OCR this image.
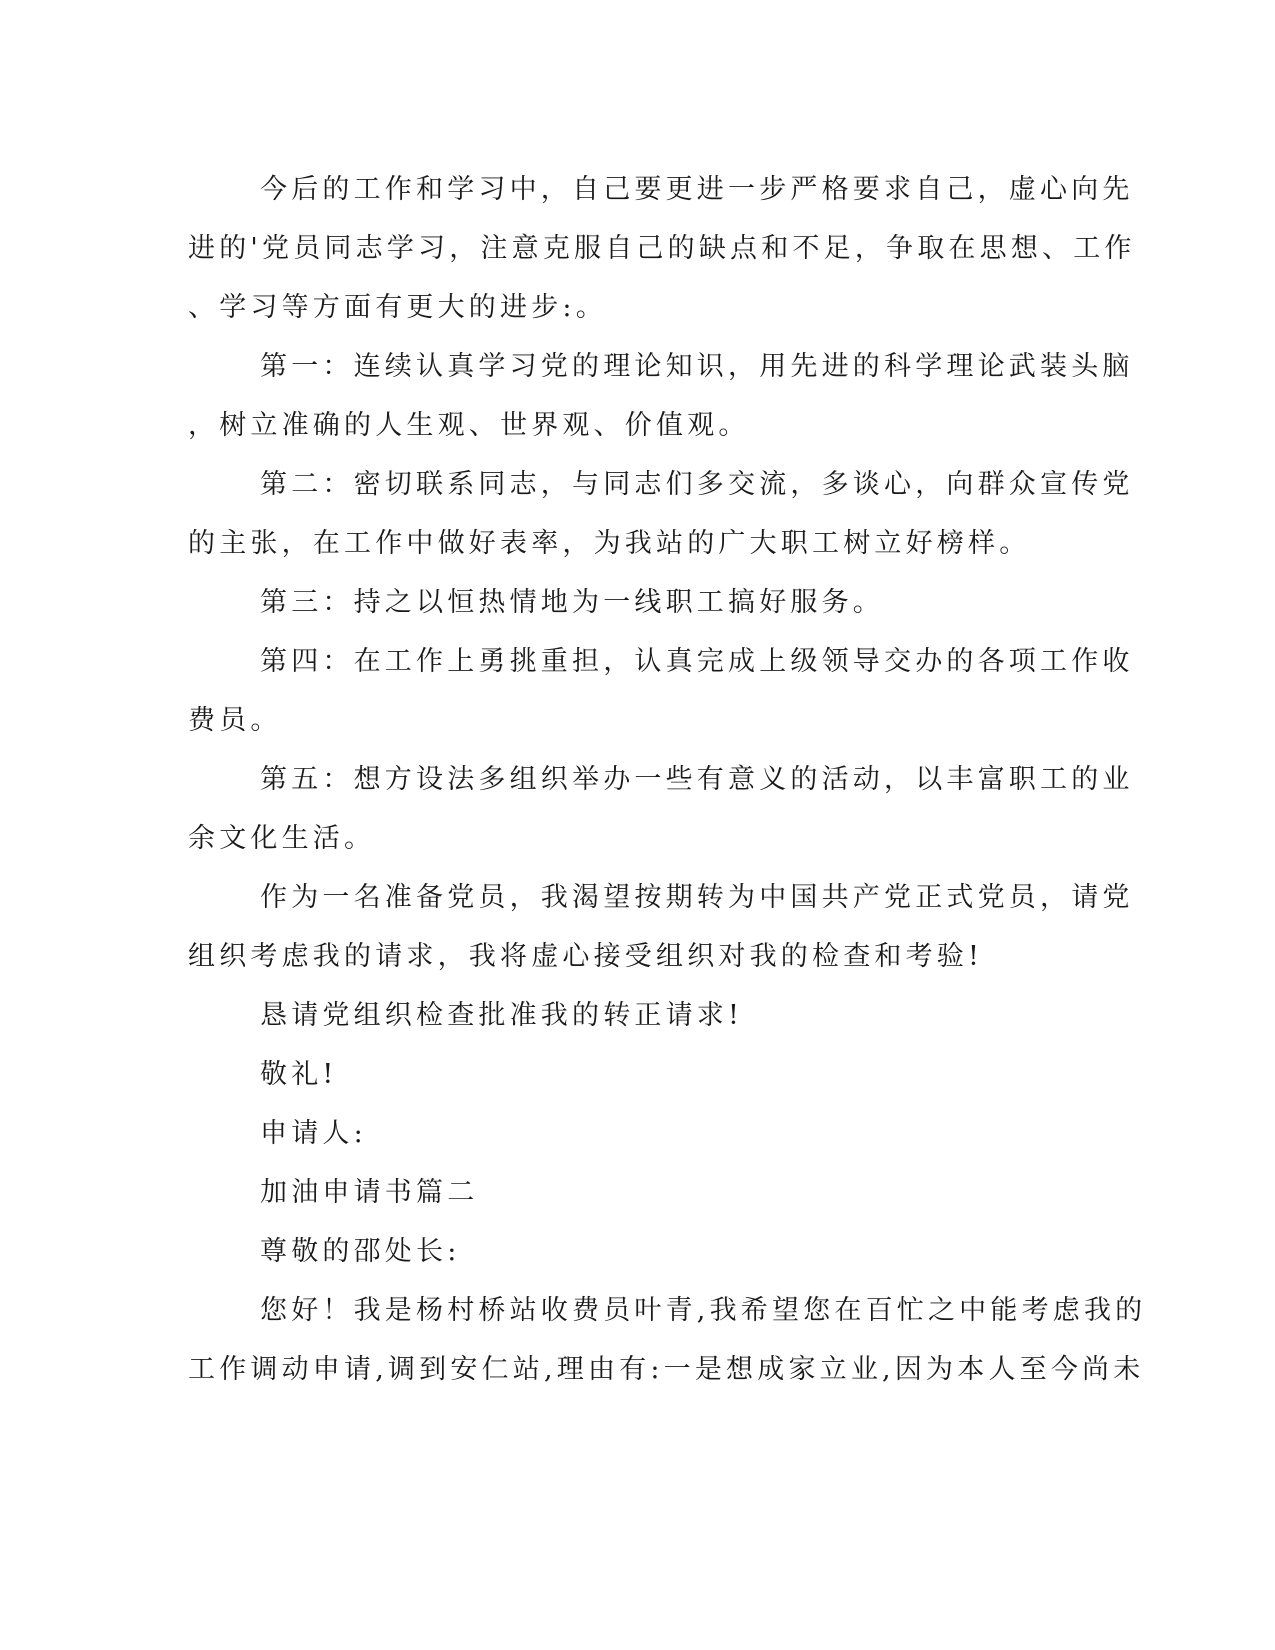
今后的工作和学习中，自己要更进一步严格要求自己，虚心向先
进的'党员同志学习，注意克服自己的缺点和不足，争取在思想、工作
、学习等方面有更大的进步:。
第一：连续认真学习党的理论知识，用先进的科学理论武装头脑
，树立准确的人生观、世界观、价值观。
第二：密切联系同志，与同志们多交流，多谈心，向群众宣传党
的主张，在工作中做好表率，为我站的广大职工树立好榜样。
第三：持之以恒热情地为一线职工搞好服务。
第四：在工作上勇挑重担，认真完成上级领导交办的各项工作收
费员。
第五：想方设法多组织举办一些有意义的活动，以丰富职工的业
余文化生活。
作为一名准备党员，我渴望按期转为中国共产党正式党员，请党
组织考虑我的请求，我将虚心接受组织对我的检查和考验!
恳请党组织检查批准我的转正请求!
敬礼!
申请人:
加油申请书篇二
尊敬的邵处长:
您好！我是杨村桥站收费员叶青,我希望您在百忙之中能考虑我的
工作调动申请,调到安仁站,理由有:一是想成家立业,因为本人至今尚未
